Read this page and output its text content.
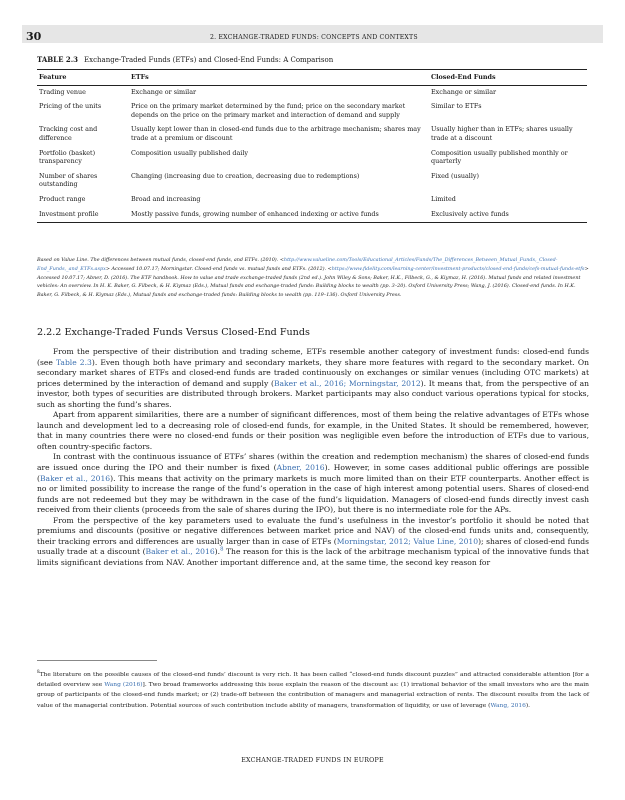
30	2. EXCHANGE-TRADED FUNDS: CONCEPTS AND CONTEXTS
TABLE 2.3 Exchange-Traded Funds (ETFs) and Closed-End Funds: A Comparison
Feature	ETFs	Closed-End Funds
Trading venue	Exchange or similar	Exchange or similar
Pricing of the units	Price on the primary market determined by the fund; price on the secondary market depends on the price on the primary market and interaction of demand and supply	Similar to ETFs
Tracking cost and difference	Usually kept lower than in closed-end funds due to the arbitrage mechanism; shares may trade at a premium or discount	Usually higher than in ETFs; shares usually trade at a discount
Portfolio (basket) transparency	Composition usually published daily	Composition usually published monthly or quarterly
Number of shares outstanding	Changing (increasing due to creation, decreasing due to redemptions)	Fixed (usually)
Product range	Broad and increasing	Limited
Investment profile	Mostly passive funds, growing number of enhanced indexing or active funds	Exclusively active funds
Based on Value Line. The differences between mutual funds, closed-end funds, and ETFs. (2010). <http://www.valueline.com/Tools/Educational_Articles/Funds/The_Differences_Between_Mutual_Funds,_Closed-End_Funds,_and_ETFs.aspx> Accessed 10.07.17; Morningstar. Closed-end funds vs. mutual funds and ETFs. (2012). <https://www.fidelity.com/learning-center/investment-products/closed-end-funds/cefs-mutual-funds-etfs> Accessed 10.07.17; Abner, D. (2016). The ETF handbook. How to value and trade exchange-traded funds (2nd ed.). John Wiley & Sons; Baker, H.K., Filbeck, G., & Kiymaz, H. (2016). Mutual funds and related investment vehicles: An overview. In H. K. Baker, G. Filbeck, & H. Kiymaz (Eds.), Mutual funds and exchange-traded funds: Building blocks to wealth (pp. 3–20). Oxford University Press; Wang, J. (2016). Closed-end funds. In H.K. Baker, G. Filbeck, & H. Kiymaz (Eds.), Mutual funds and exchange-traded funds: Building blocks to wealth (pp. 119–136). Oxford University Press.
2.2.2 Exchange-Traded Funds Versus Closed-End Funds

From the perspective of their distribution and trading scheme, ETFs resemble another category of investment funds: closed-end funds (see Table 2.3). Even though both have primary and secondary markets, they share more features with regard to the secondary market. On secondary market shares of ETFs and closed-end funds are traded continuously on exchanges or similar venues (including OTC markets) at prices determined by the interaction of demand and supply (Baker et al., 2016; Morningstar, 2012). It means that, from the perspective of an investor, both types of securities are distributed through brokers. Market participants may also conduct various operations typical for stocks, such as shorting the fund’s shares.

Apart from apparent similarities, there are a number of significant differences, most of them being the relative advantages of ETFs whose launch and development led to a decreasing role of closed-end funds, for example, in the United States. It should be remembered, however, that in many countries there were no closed-end funds or their position was negligible even before the introduction of ETFs due to various, often country-specific factors.

In contrast with the continuous issuance of ETFs’ shares (within the creation and redemption mechanism) the shares of closed-end funds are issued once during the IPO and their number is fixed (Abner, 2016). However, in some cases additional public offerings are possible (Baker et al., 2016). This means that activity on the primary markets is much more limited than on their ETF counterparts. Another effect is no or limited possibility to increase the range of the fund’s operation in the case of high interest among potential users. Shares of closed-end funds are not redeemed but they may be withdrawn in the case of the fund’s liquidation. Managers of closed-end funds directly invest cash received from their clients (proceeds from the sale of shares during the IPO), but there is no intermediate role for the APs.

From the perspective of the key parameters used to evaluate the fund’s usefulness in the investor’s portfolio it should be noted that premiums and discounts (positive or negative differences between market price and NAV) of the closed-end funds units and, consequently, their tracking errors and differences are usually larger than in case of ETFs (Morningstar, 2012; Value Line, 2010); shares of closed-end funds usually trade at a discount (Baker et al., 2016).$^8$ The reason for this is the lack of the arbitrage mechanism typical of the innovative funds that limits significant deviations from NAV. Another important difference and, at the same time, the second key reason for

$^8$The literature on the possible causes of the closed-end funds’ discount is very rich. It has been called “closed-end funds discount puzzles” and attracted considerable attention [for a detailed overview see Wang (2016)]. Two broad frameworks addressing this issue explain the reason of the discount as: (1) irrational behavior of the small investors who are the main group of participants of the closed-end funds market; or (2) trade-off between the contribution of managers and managerial extraction of rents. The discount results from the lack of value of the managerial contribution. Potential sources of such contribution include ability of managers, transformation of liquidity, or use of leverage (Wang, 2016).
EXCHANGE-TRADED FUNDS IN EUROPE
